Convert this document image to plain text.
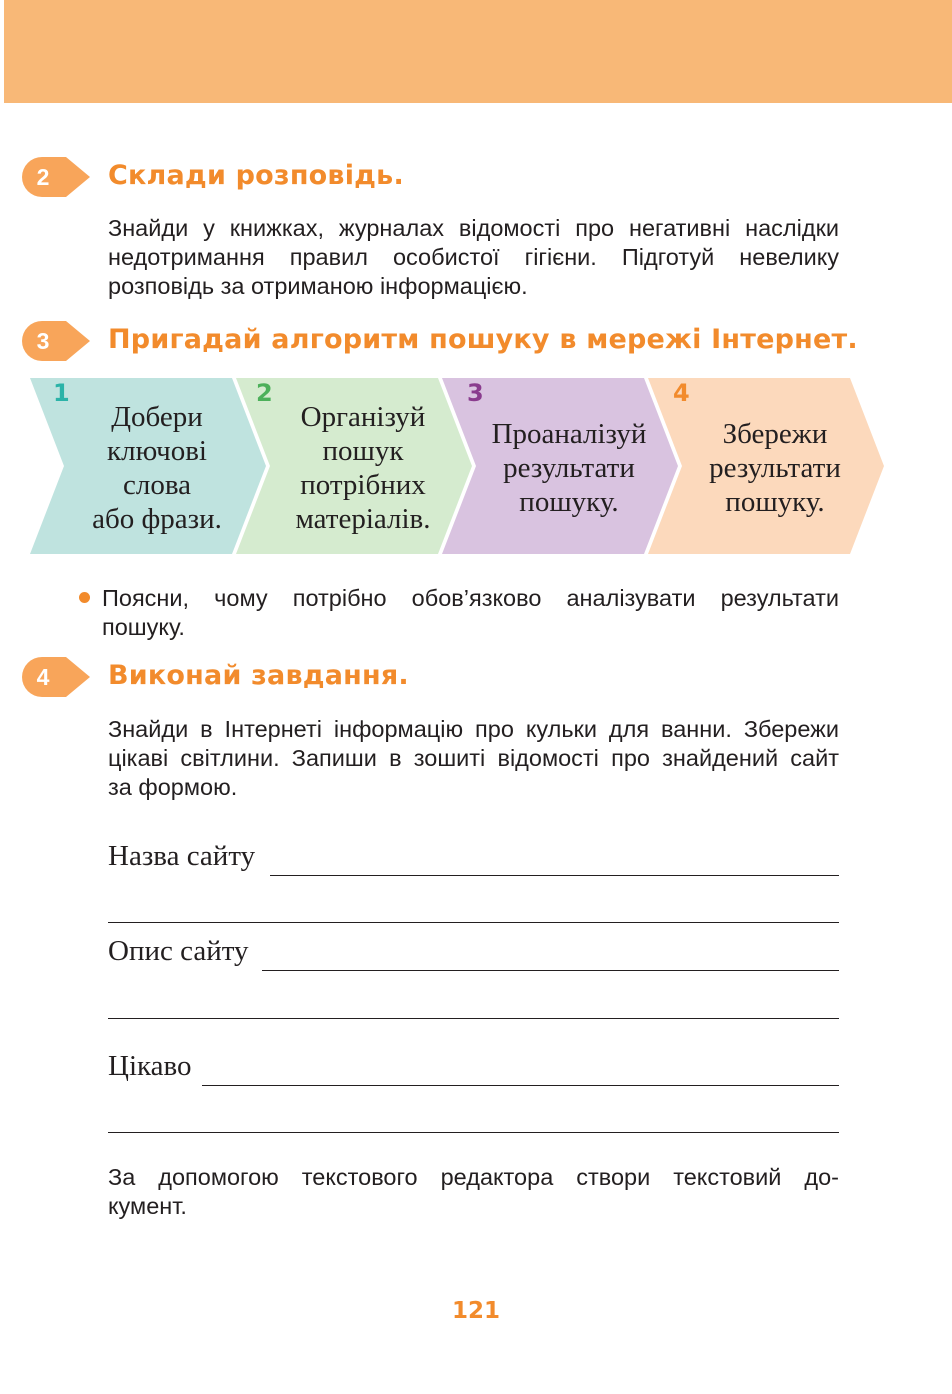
2	Склади розповідь.

Знайди у книжках, журналах відомості про негативні наслідки
недотримання правил особистої гігієни. Підготуй невелику
розповідь за отриманою інформацією.

3	Пригадай алгоритм пошуку в мережі Інтернет.
1
Добери
ключові
слова
або фрази.
2
Організуй
пошук
потрібних
матеріалів.
3
Проаналізуй
результати
пошуку.
4
Збережи
результати
пошуку.

Поясни, чому потрібно обов’язково аналізувати результати
пошуку.

4	Виконай завдання.

Знайди в Інтернеті інформацію про кульки для ванни. Збережи
цікаві світлини. Запиши в зошиті відомості про знайдений сайт
за формою.

Назва сайту
Опис сайту
Цікаво

За допомогою текстового редактора створи текстовий до-
кумент.

121
